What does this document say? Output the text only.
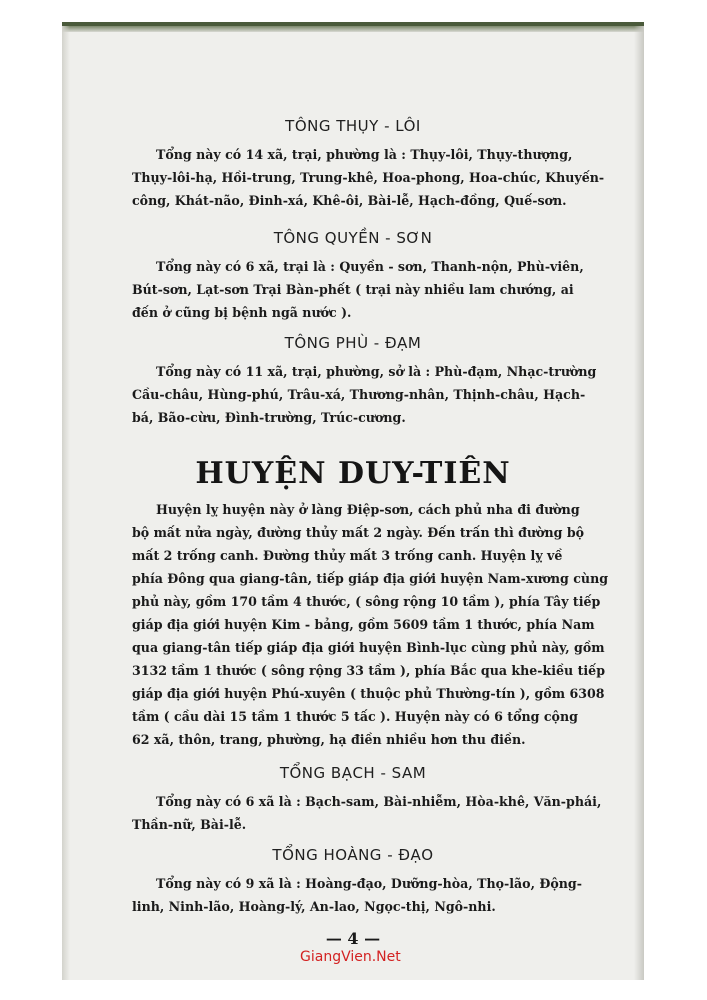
TÔNG THỤY - LÔI

Tổng này có 14 xã, trại, phường là : Thụy-lôi, Thụy-thượng,

Thụy-lôi-hạ, Hồi-trung, Trung-khê, Hoa-phong, Hoa-chúc, Khuyến-

công, Khát-não, Đinh-xá, Khê-ôi, Bài-lễ, Hạch-đồng, Quế-sơn.

TÔNG QUYỀN - SƠN

Tổng này có 6 xã, trại là : Quyền - sơn, Thanh-nộn, Phù-viên,

Bút-sơn, Lạt-sơn Trại Bàn-phết ( trại này nhiều lam chướng, ai

đến ở cũng bị bệnh ngã nước ).

TÔNG PHÙ - ĐẠM

Tổng này có 11 xã, trại, phường, sở là : Phù-đạm, Nhạc-trường

Cầu-châu, Hùng-phú, Trâu-xá, Thương-nhân, Thịnh-châu, Hạch-

bá, Bão-cừu, Đình-trường, Trúc-cương.

HUYỆN DUY-TIÊN

Huyện lỵ huyện này ở làng Điệp-sơn, cách phủ nha đi đường

bộ mất nửa ngày, đường thủy mất 2 ngày. Đến trấn thì đường bộ

mất 2 trống canh. Đường thủy mất 3 trống canh. Huyện lỵ về

phía Đông qua giang-tân, tiếp giáp địa giới huyện Nam-xương cùng

phủ này, gồm 170 tầm 4 thước, ( sông rộng 10 tầm ), phía Tây tiếp

giáp địa giới huyện Kim - bảng, gồm 5609 tầm 1 thước, phía Nam

qua giang-tân tiếp giáp địa giới huyện Bình-lục cùng phủ này, gồm

3132 tầm 1 thước ( sông rộng 33 tầm ), phía Bắc qua khe-kiều tiếp

giáp địa giới huyện Phú-xuyên ( thuộc phủ Thường-tín ), gồm 6308

tầm ( cầu dài 15 tầm 1 thước 5 tấc ). Huyện này có 6 tổng cộng

62 xã, thôn, trang, phường, hạ điền nhiều hơn thu điền.

TỔNG BẠCH - SAM

Tổng này có 6 xã là : Bạch-sam, Bài-nhiễm, Hòa-khê, Văn-phái,

Thần-nữ, Bài-lễ.

TỔNG HOÀNG - ĐẠO

Tổng này có 9 xã là : Hoàng-đạo, Dưỡng-hòa, Thọ-lão, Động-

linh, Ninh-lão, Hoàng-lý, An-lao, Ngọc-thị, Ngô-nhi.

— 4 —
GiangVien.Net
